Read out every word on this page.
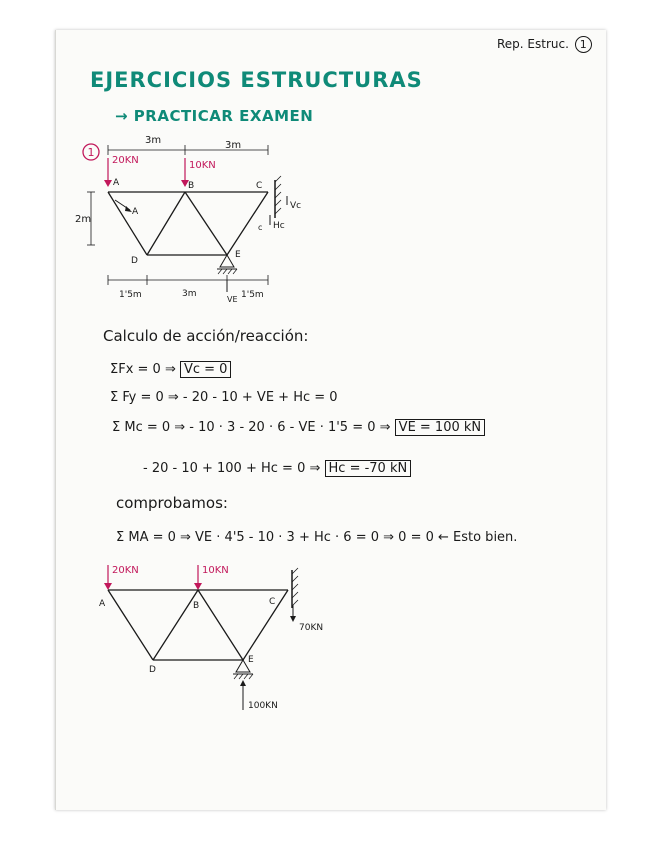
Rep. Estruc. 1
EJERCICIOS ESTRUCTURAS
→ PRACTICAR EXAMEN
1
3m	3m
20KN	10KN
2m
A	B	C
D
E
A
Vc
Hc
c
VE
1'5m	3m	1'5m
Calculo de acción/reacción:
ΣFx = 0 ⇒ Vc = 0
Σ Fy = 0 ⇒ - 20 - 10 + VE + Hc = 0
Σ Mc = 0 ⇒ - 10 · 3 - 20 · 6 - VE · 1'5 = 0 ⇒ VE = 100 kN
- 20 - 10 + 100 + Hc = 0 ⇒ Hc = -70 kN
comprobamos:
Σ MA = 0 ⇒ VE · 4'5 - 10 · 3 + Hc · 6 = 0 ⇒ 0 = 0 ← Esto bien.
20KN	10KN
A	B	C
D
E
70KN
100KN
